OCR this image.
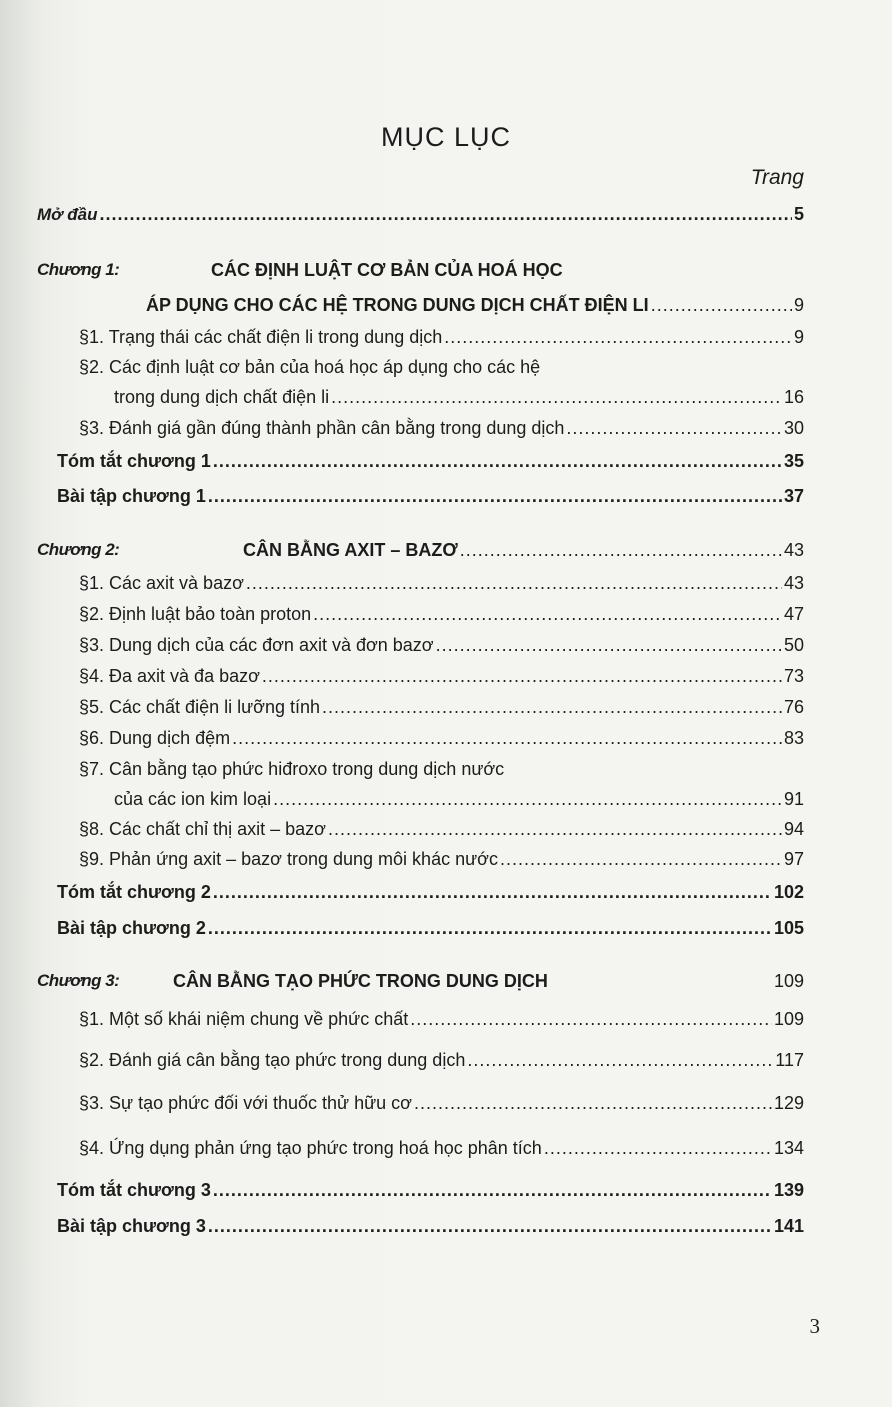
MỤC LỤC
Trang
Mở đầu .....	5
Chương 1:	CÁC ĐỊNH LUẬT CƠ BẢN CỦA HOÁ HỌC
ÁP DỤNG CHO CÁC HỆ TRONG DUNG DỊCH CHẤT ĐIỆN LI .....	9
§1. Trạng thái các chất điện li trong dung dịch .....	9
§2. Các định luật cơ bản của hoá học áp dụng cho các hệ
trong dung dịch chất điện li .....	16
§3. Đánh giá gần đúng thành phần cân bằng trong dung dịch .....	30
Tóm tắt chương 1 .....	35
Bài tập chương 1 .....	37
Chương 2:	CÂN BẰNG AXIT – BAZƠ .....	43
§1. Các axit và bazơ .....	43
§2. Định luật bảo toàn proton .....	47
§3. Dung dịch của các đơn axit và đơn bazơ .....	50
§4. Đa axit và đa bazơ .....	73
§5. Các chất điện li lưỡng tính .....	76
§6. Dung dịch đệm .....	83
§7. Cân bằng tạo phức hiđroxo trong dung dịch nước
của các ion kim loại .....	91
§8. Các chất chỉ thị axit – bazơ .....	94
§9. Phản ứng axit – bazơ trong dung môi khác nước .....	97
Tóm tắt chương 2 .....	102
Bài tập chương 2 .....	105
Chương 3:	CÂN BẰNG TẠO PHỨC TRONG DUNG DỊCH	109
§1. Một số khái niệm chung về phức chất .....	109
§2. Đánh giá cân bằng tạo phức trong dung dịch .....	117
§3. Sự tạo phức đối với thuốc thử hữu cơ .....	129
§4. Ứng dụng phản ứng tạo phức trong hoá học phân tích .....	134
Tóm tắt chương 3 .....	139
Bài tập chương 3 .....	141
3
